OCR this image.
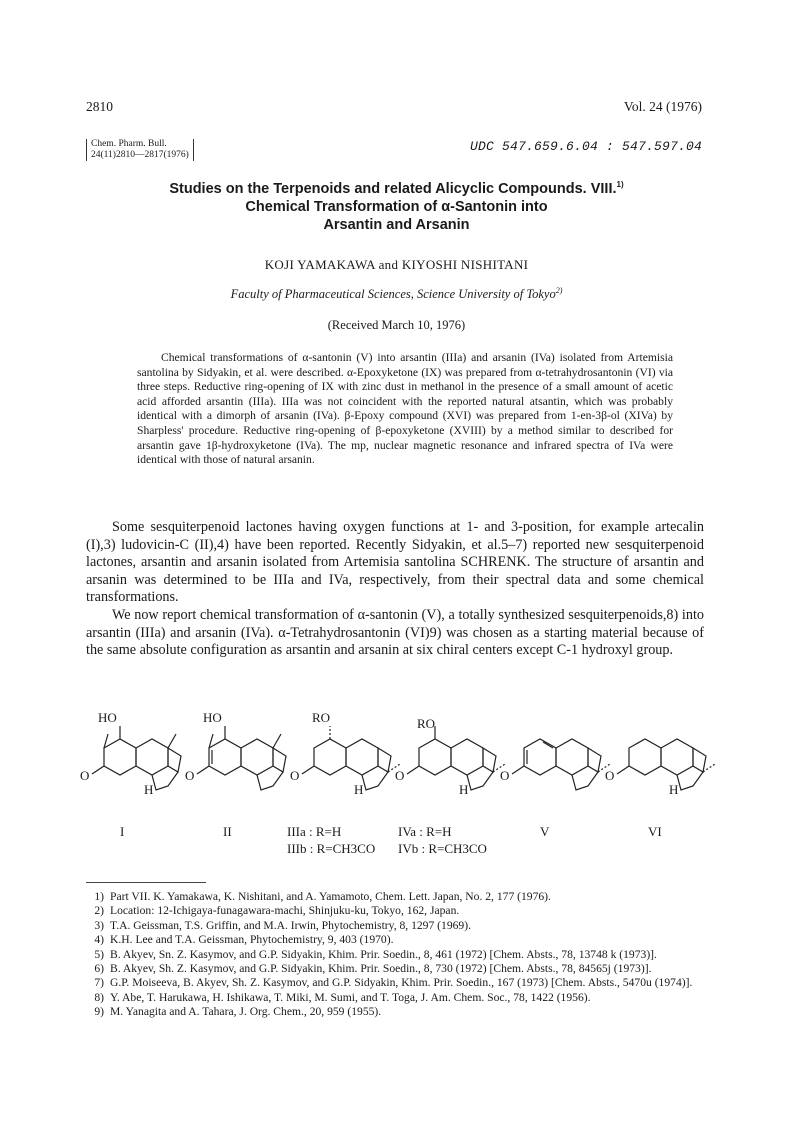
2810	Vol. 24 (1976)
Chem. Pharm. Bull.
24(11)2810—2817(1976)
UDC 547.659.6.04 : 547.597.04
Studies on the Terpenoids and related Alicyclic Compounds. VIII.$^{1)}$
Chemical Transformation of α-Santonin into
Arsantin and Arsanin
KOJI YAMAKAWA and KIYOSHI NISHITANI
Faculty of Pharmaceutical Sciences, Science University of Tokyo$^{2)}$
(Received March 10, 1976)

Chemical transformations of α-santonin (V) into arsantin (IIIa) and arsanin (IVa) isolated from Artemisia santolina by Sidyakin, et al. were described. α-Epoxyketone (IX) was prepared from α-tetrahydrosantonin (VI) via three steps. Reductive ring-opening of IX with zinc dust in methanol in the presence of a small amount of acetic acid afforded arsantin (IIIa). IIIa was not coincident with the reported natural atsantin, which was probably identical with a dimorph of arsanin (IVa). β-Epoxy compound (XVI) was prepared from 1-en-3β-ol (XIVa) by Sharpless' procedure. Reductive ring-opening of β-epoxyketone (XVIII) by a method similar to described for arsantin gave 1β-hydroxyketone (IVa). The mp, nuclear magnetic resonance and infrared spectra of IVa were identical with those of natural arsanin.

Some sesquiterpenoid lactones having oxygen functions at 1- and 3-position, for example artecalin (I),3) ludovicin-C (II),4) have been reported. Recently Sidyakin, et al.5–7) reported new sesquiterpenoid lactones, arsantin and arsanin isolated from Artemisia santolina SCHRENK. The structure of arsantin and arsanin was determined to be IIIa and IVa, respectively, from their spectral data and some chemical transformations.

We now report chemical transformation of α-santonin (V), a totally synthesized sesquiterpenoids,8) into arsantin (IIIa) and arsanin (IVa). α-Tetrahydrosantonin (VI)9) was chosen as a starting material because of the same absolute configuration as arsantin and arsanin at six chiral centers except C-1 hydroxyl group.

HO	HO	RO	RO
O	O	O	O	O	O
H	H	H	H
I	II	IIIa : R=H	IVa : R=H	V	VI
IIIb : R=CH3CO IVb : R=CH3CO
1) Part VII. K. Yamakawa, K. Nishitani, and A. Yamamoto, Chem. Lett. Japan, No. 2, 177 (1976).
2) Location: 12-Ichigaya-funagawara-machi, Shinjuku-ku, Tokyo, 162, Japan.
3) T.A. Geissman, T.S. Griffin, and M.A. Irwin, Phytochemistry, 8, 1297 (1969).
4) K.H. Lee and T.A. Geissman, Phytochemistry, 9, 403 (1970).
5) B. Akyev, Sn. Z. Kasymov, and G.P. Sidyakin, Khim. Prir. Soedin., 8, 461 (1972) [Chem. Absts., 78, 13748 k (1973)].
6) B. Akyev, Sh. Z. Kasymov, and G.P. Sidyakin, Khim. Prir. Soedin., 8, 730 (1972) [Chem. Absts., 78, 84565j (1973)].
7) G.P. Moiseeva, B. Akyev, Sh. Z. Kasymov, and G.P. Sidyakin, Khim. Prir. Soedin., 167 (1973) [Chem. Absts., 5470u (1974)].
8) Y. Abe, T. Harukawa, H. Ishikawa, T. Miki, M. Sumi, and T. Toga, J. Am. Chem. Soc., 78, 1422 (1956).
9) M. Yanagita and A. Tahara, J. Org. Chem., 20, 959 (1955).
